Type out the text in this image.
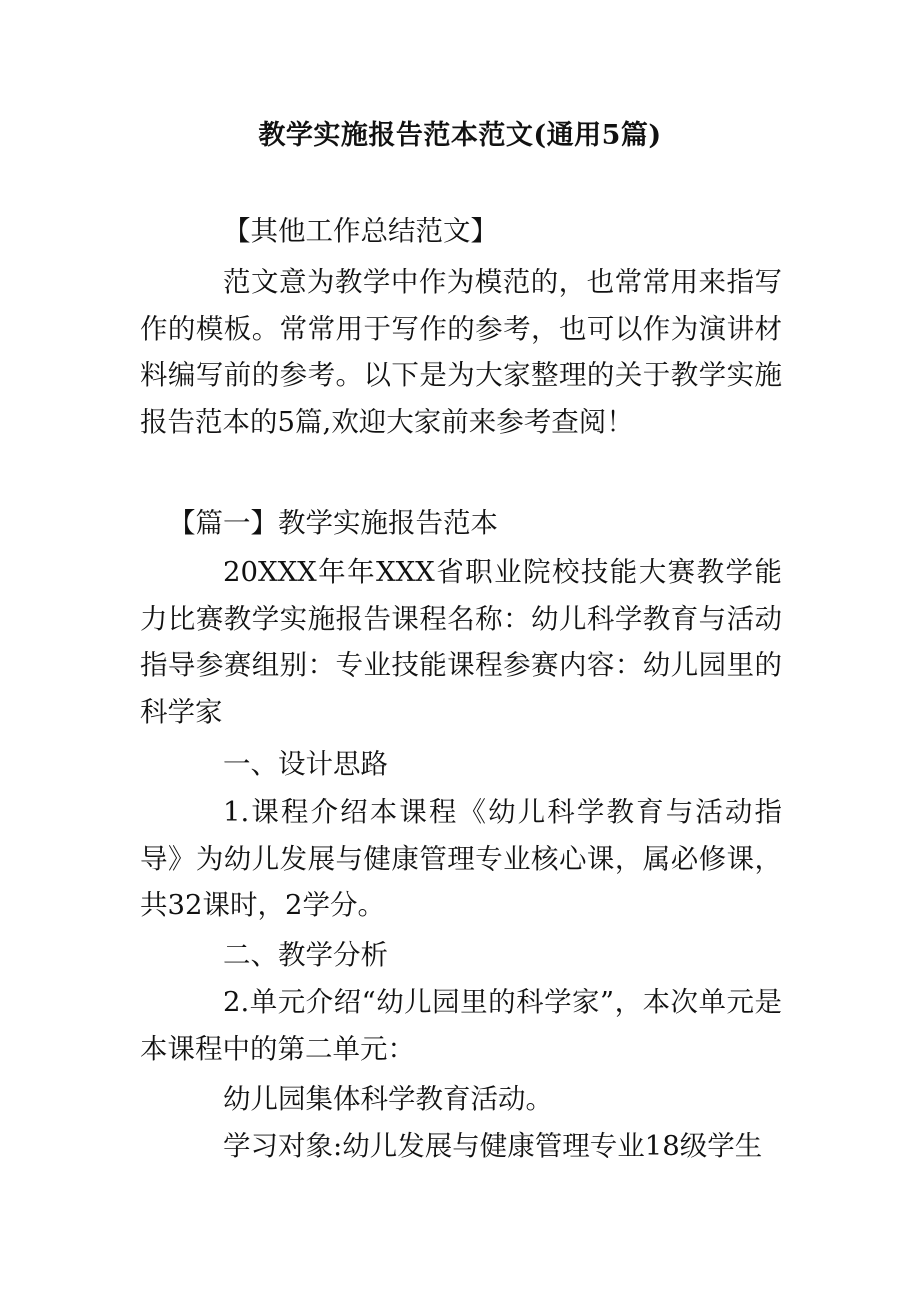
教学实施报告范本范文(通用5篇)

【其他工作总结范文】

范文意为教学中作为模范的，也常常用来指写作的模板。常常用于写作的参考，也可以作为演讲材料编写前的参考。以下是为大家整理的关于教学实施报告范本的5篇,欢迎大家前来参考查阅！

【篇一】教学实施报告范本

20XXX年年XXX省职业院校技能大赛教学能力比赛教学实施报告课程名称：幼儿科学教育与活动指导参赛组别：专业技能课程参赛内容：幼儿园里的科学家

一、设计思路

1.课程介绍本课程《幼儿科学教育与活动指导》为幼儿发展与健康管理专业核心课，属必修课，共32课时，2学分。

二、教学分析

2.单元介绍“幼儿园里的科学家”，本次单元是本课程中的第二单元：

幼儿园集体科学教育活动。

学习对象:幼儿发展与健康管理专业18级学生
